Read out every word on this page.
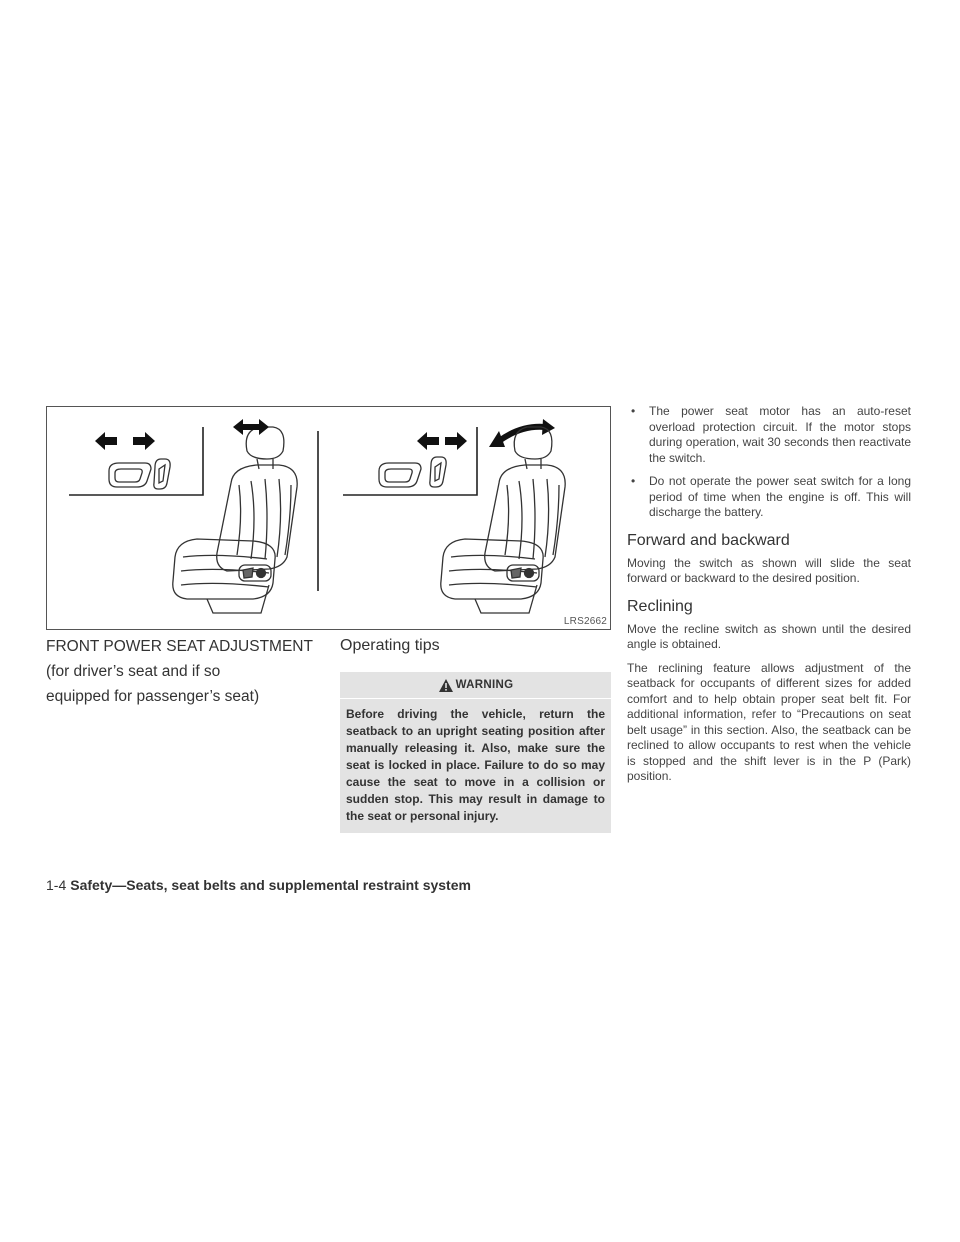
LRS2662
FRONT POWER SEAT ADJUSTMENT
(for driver’s seat and if so
equipped for passenger’s seat)
Operating tips
WARNING
Before driving the vehicle, return the seatback to an upright seating position after manually releasing it. Also, make sure the seat is locked in place. Failure to do so may cause the seat to move in a collision or sudden stop. This may result in damage to the seat or personal injury.
• The power seat motor has an auto-reset overload protection circuit. If the motor stops during operation, wait 30 seconds then reactivate the switch.
• Do not operate the power seat switch for a long period of time when the engine is off. This will discharge the battery.
Forward and backward

Moving the switch as shown will slide the seat forward or backward to the desired position.

Reclining

Move the recline switch as shown until the desired angle is obtained.

The reclining feature allows adjustment of the seatback for occupants of different sizes for added comfort and to help obtain proper seat belt fit. For additional information, refer to “Precautions on seat belt usage” in this section. Also, the seatback can be reclined to allow occupants to rest when the vehicle is stopped and the shift lever is in the P (Park) position.

1-4 Safety—Seats, seat belts and supplemental restraint system
